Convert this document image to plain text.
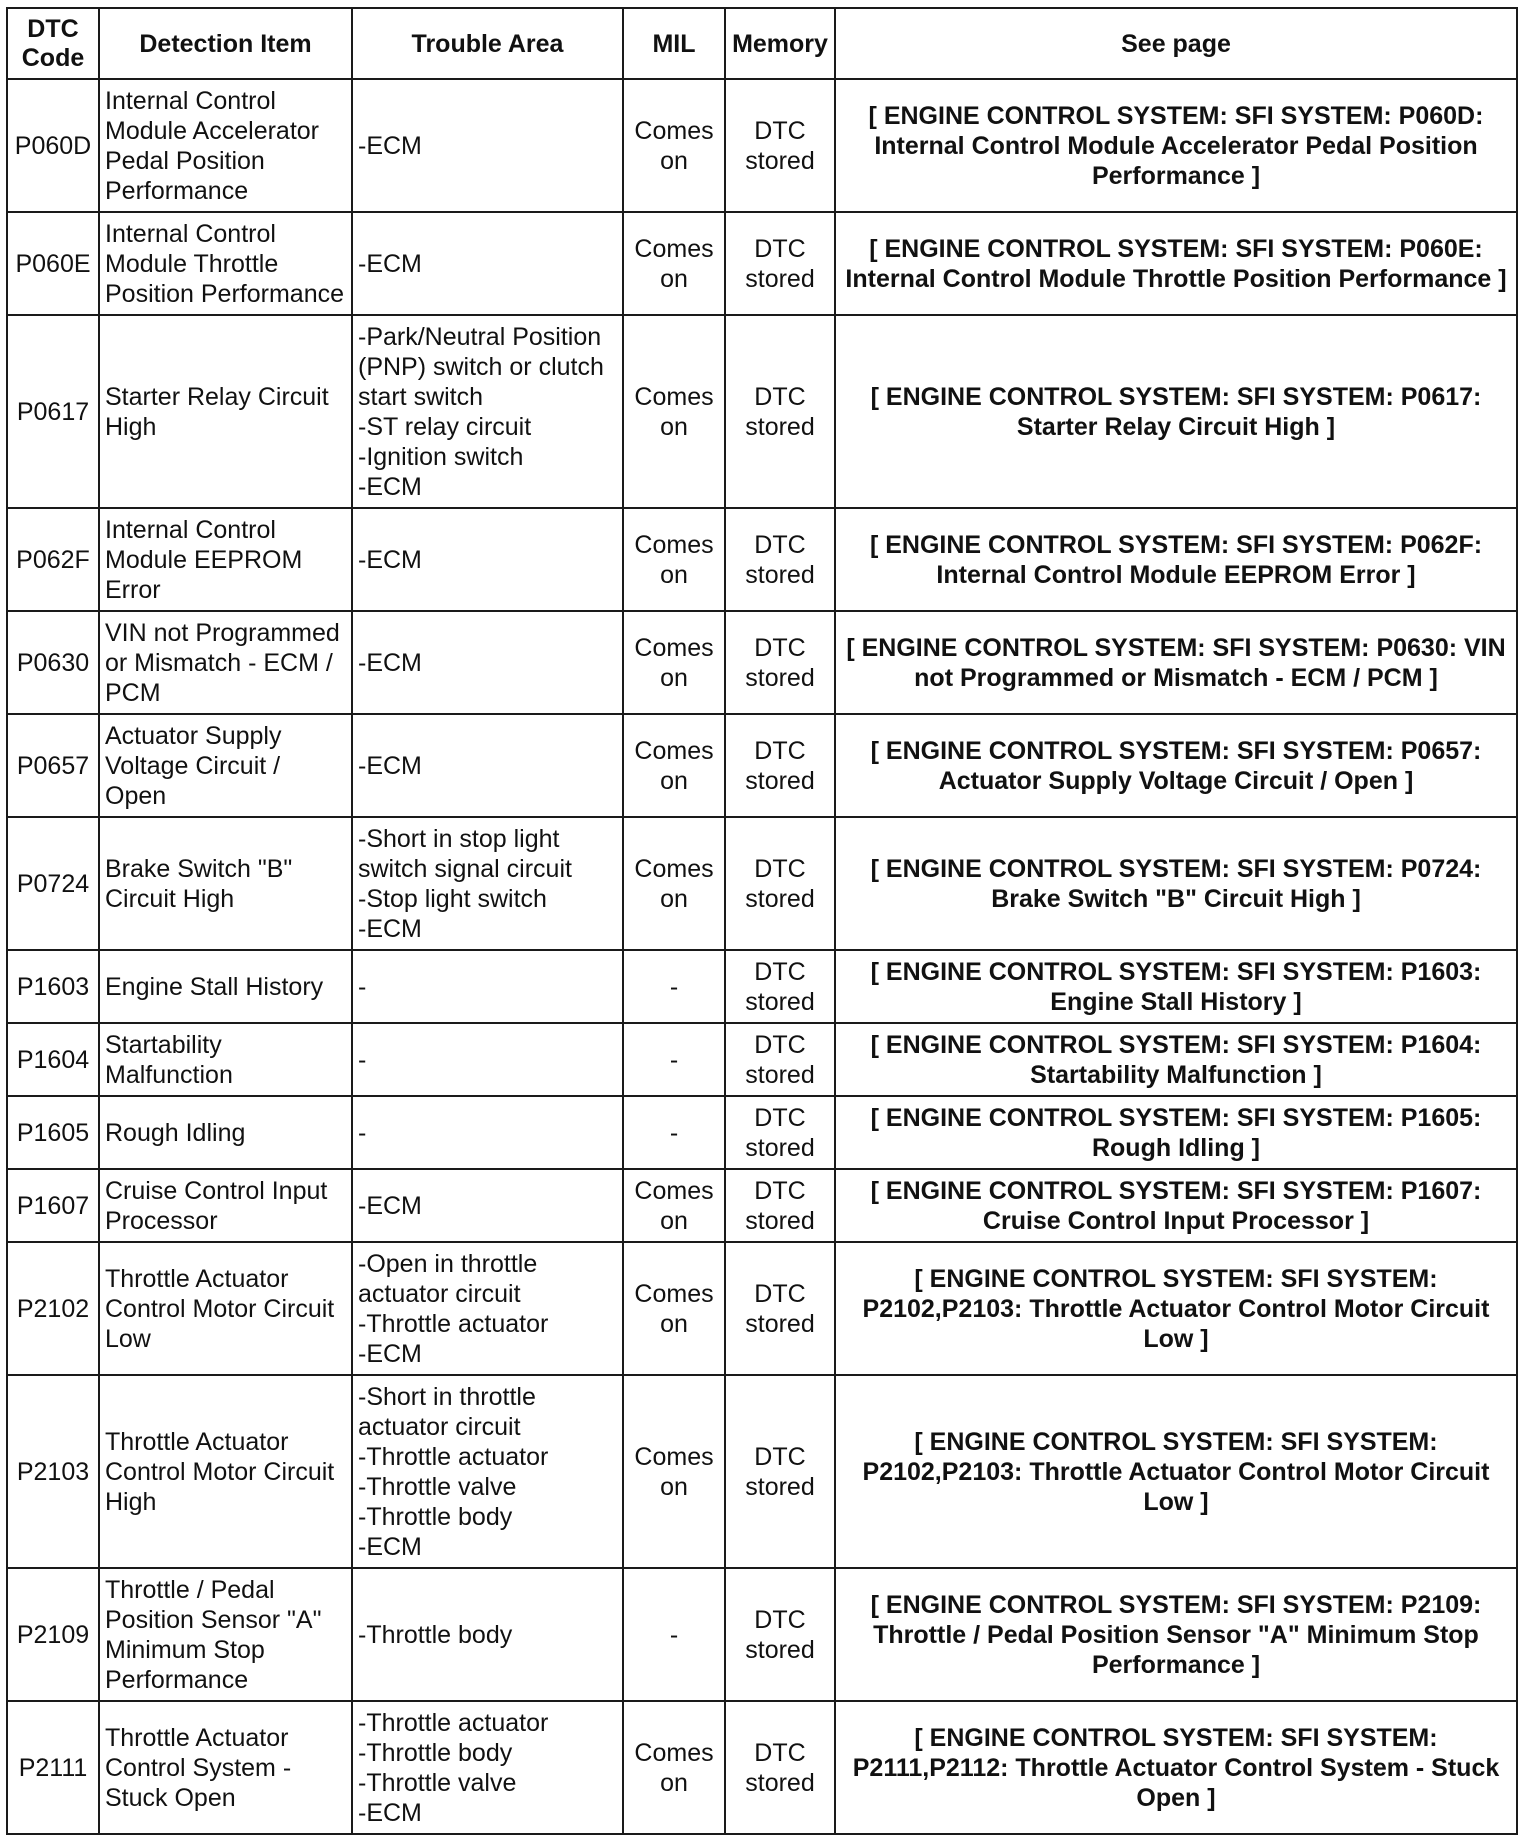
DTC Code	Detection Item	Trouble Area	MIL	Memory	See page
P060D	Internal Control Module Accelerator Pedal Position Performance	-ECM	Comes on	DTC stored	[ ENGINE CONTROL SYSTEM: SFI SYSTEM: P060D: Internal Control Module Accelerator Pedal Position Performance ]
P060E	Internal Control Module Throttle Position Performance	-ECM	Comes on	DTC stored	[ ENGINE CONTROL SYSTEM: SFI SYSTEM: P060E: Internal Control Module Throttle Position Performance ]
P0617	Starter Relay Circuit High	-Park/Neutral Position (PNP) switch or clutch start switch
-ST relay circuit
-Ignition switch
-ECM	Comes on	DTC stored	[ ENGINE CONTROL SYSTEM: SFI SYSTEM: P0617: Starter Relay Circuit High ]
P062F	Internal Control Module EEPROM Error	-ECM	Comes on	DTC stored	[ ENGINE CONTROL SYSTEM: SFI SYSTEM: P062F: Internal Control Module EEPROM Error ]
P0630	VIN not Programmed or Mismatch - ECM / PCM	-ECM	Comes on	DTC stored	[ ENGINE CONTROL SYSTEM: SFI SYSTEM: P0630: VIN not Programmed or Mismatch - ECM / PCM ]
P0657	Actuator Supply Voltage Circuit / Open	-ECM	Comes on	DTC stored	[ ENGINE CONTROL SYSTEM: SFI SYSTEM: P0657: Actuator Supply Voltage Circuit / Open ]
P0724	Brake Switch "B" Circuit High	-Short in stop light switch signal circuit
-Stop light switch
-ECM	Comes on	DTC stored	[ ENGINE CONTROL SYSTEM: SFI SYSTEM: P0724: Brake Switch "B" Circuit High ]
P1603	Engine Stall History	-	-	DTC stored	[ ENGINE CONTROL SYSTEM: SFI SYSTEM: P1603: Engine Stall History ]
P1604	Startability Malfunction	-	-	DTC stored	[ ENGINE CONTROL SYSTEM: SFI SYSTEM: P1604: Startability Malfunction ]
P1605	Rough Idling	-	-	DTC stored	[ ENGINE CONTROL SYSTEM: SFI SYSTEM: P1605: Rough Idling ]
P1607	Cruise Control Input Processor	-ECM	Comes on	DTC stored	[ ENGINE CONTROL SYSTEM: SFI SYSTEM: P1607: Cruise Control Input Processor ]
P2102	Throttle Actuator Control Motor Circuit Low	-Open in throttle actuator circuit
-Throttle actuator
-ECM	Comes on	DTC stored	[ ENGINE CONTROL SYSTEM: SFI SYSTEM: P2102,P2103: Throttle Actuator Control Motor Circuit Low ]
P2103	Throttle Actuator Control Motor Circuit High	-Short in throttle actuator circuit
-Throttle actuator
-Throttle valve
-Throttle body
-ECM	Comes on	DTC stored	[ ENGINE CONTROL SYSTEM: SFI SYSTEM: P2102,P2103: Throttle Actuator Control Motor Circuit Low ]
P2109	Throttle / Pedal Position Sensor "A" Minimum Stop Performance	-Throttle body	-	DTC stored	[ ENGINE CONTROL SYSTEM: SFI SYSTEM: P2109: Throttle / Pedal Position Sensor "A" Minimum Stop Performance ]
P2111	Throttle Actuator Control System - Stuck Open	-Throttle actuator
-Throttle body
-Throttle valve
-ECM	Comes on	DTC stored	[ ENGINE CONTROL SYSTEM: SFI SYSTEM: P2111,P2112: Throttle Actuator Control System - Stuck Open ]
